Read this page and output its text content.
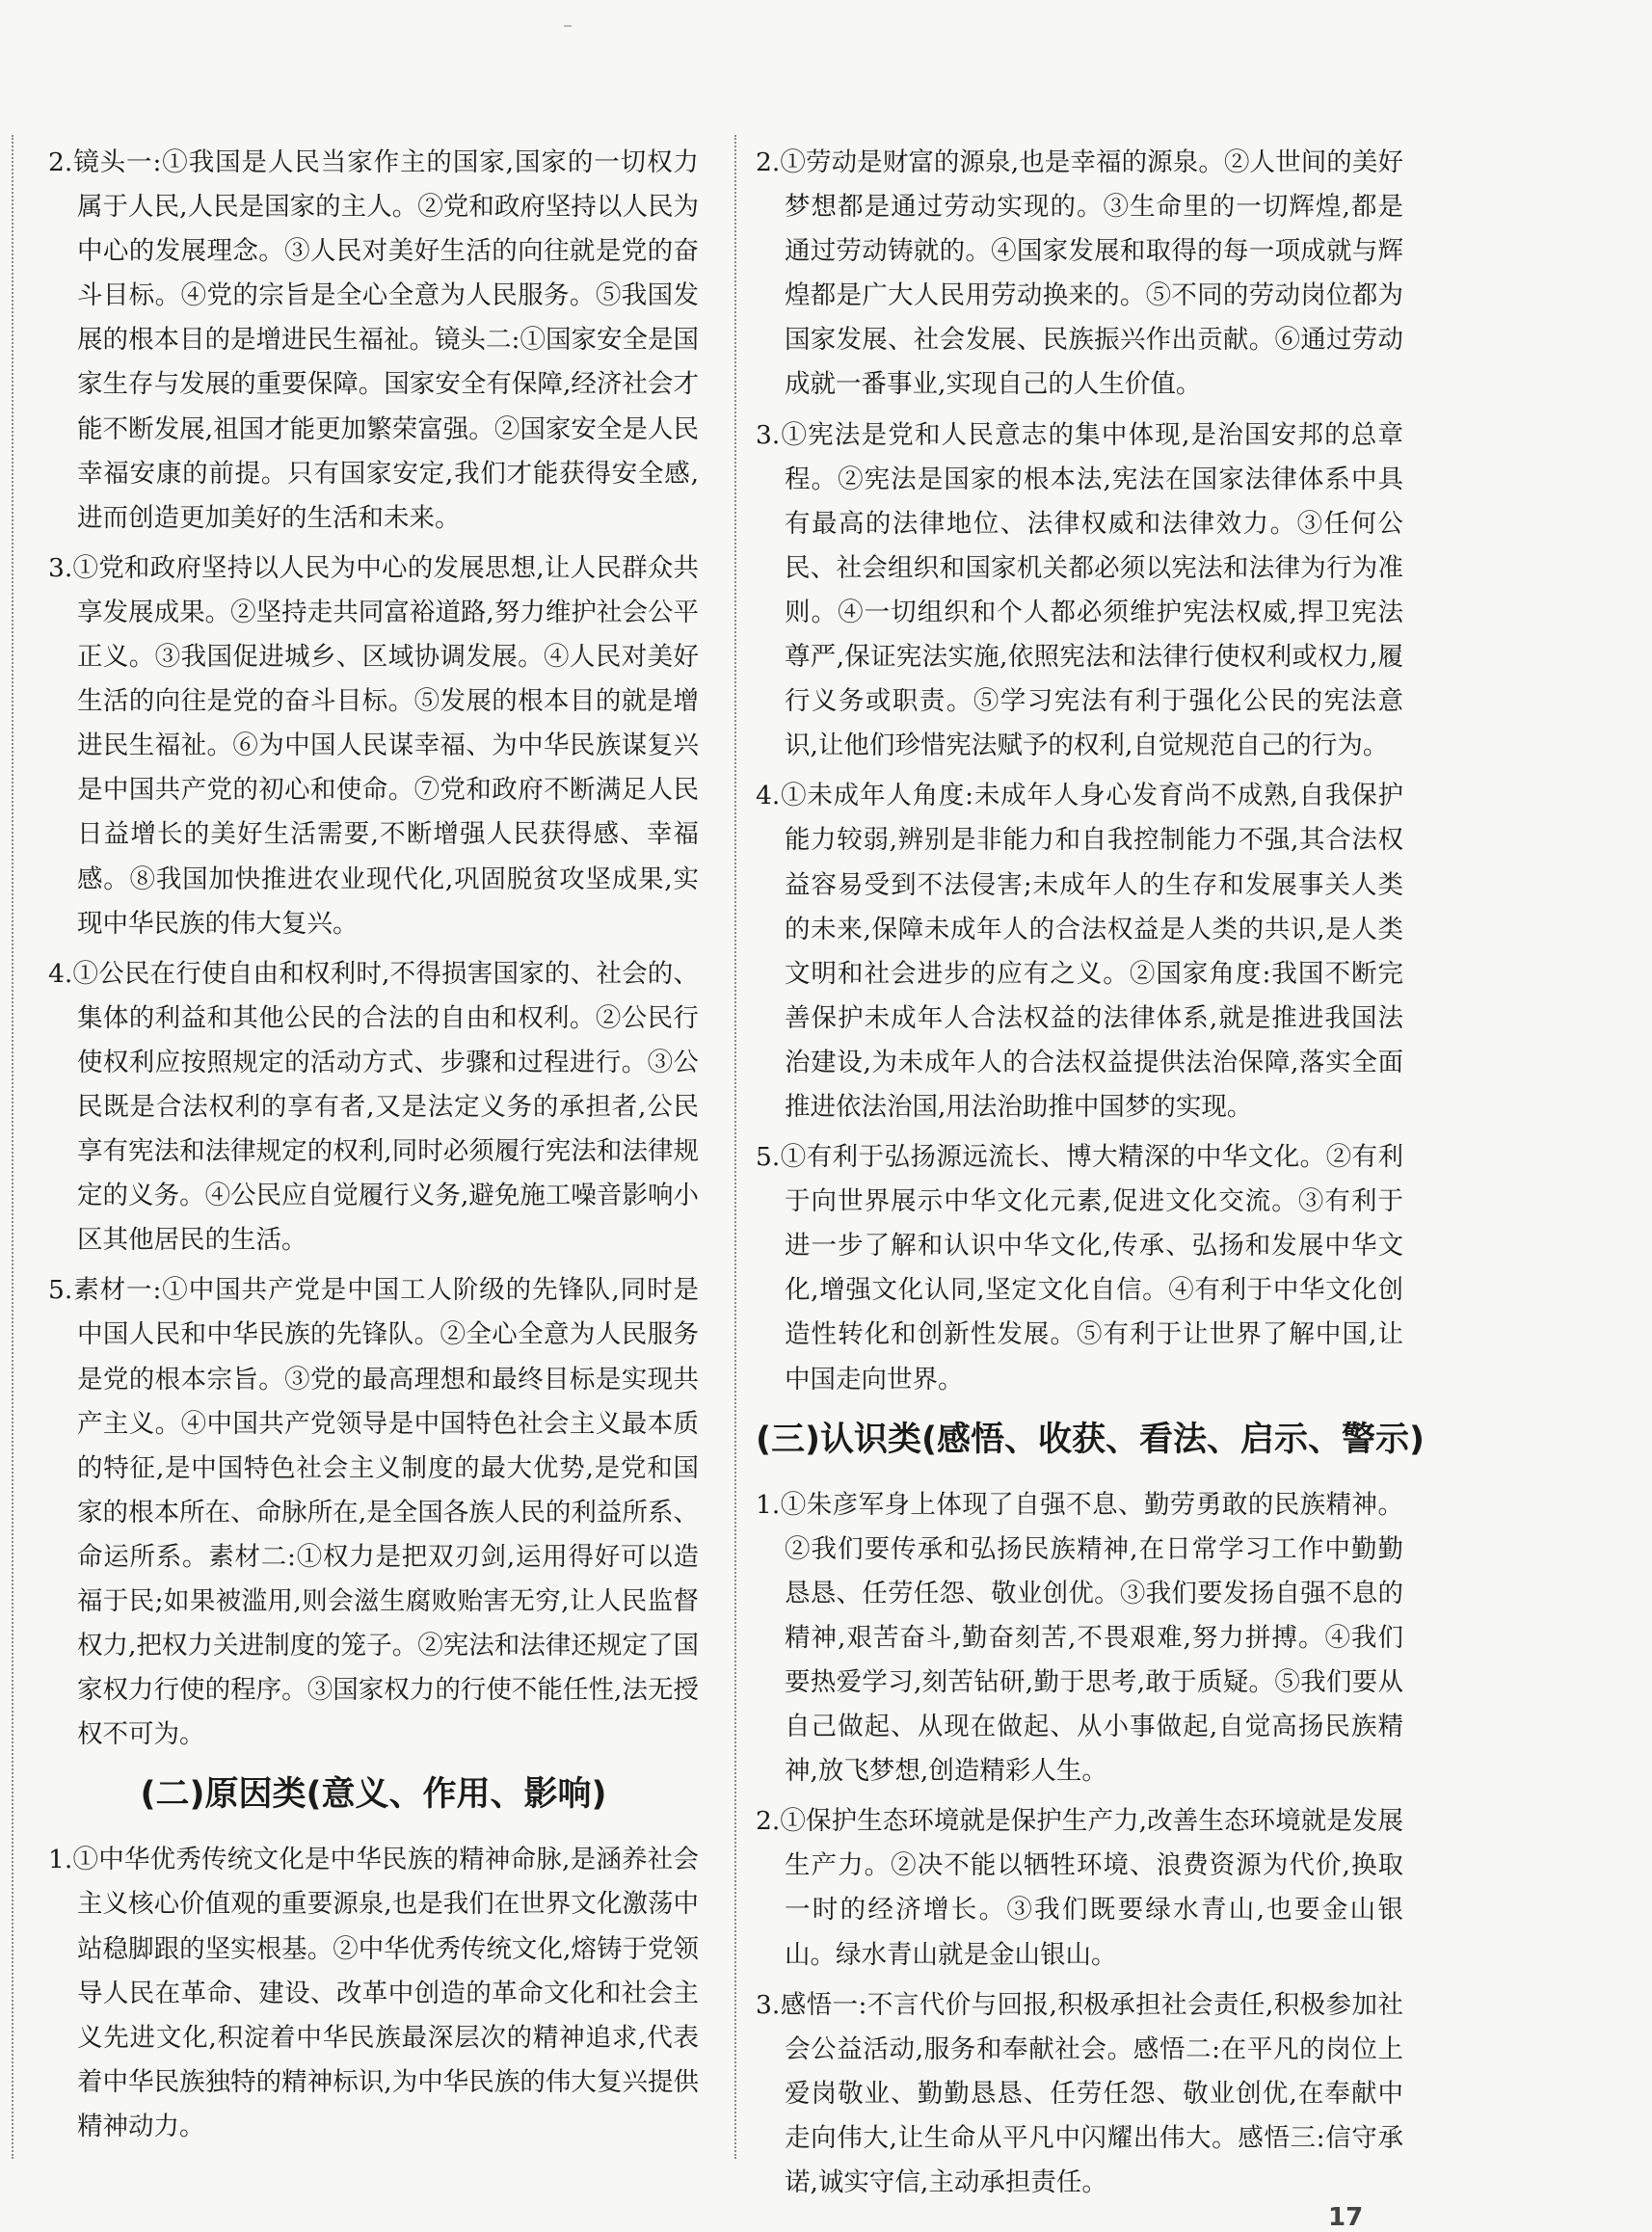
2.镜头一:①我国是人民当家作主的国家,国家的一切权力属于人民,人民是国家的主人。②党和政府坚持以人民为中心的发展理念。③人民对美好生活的向往就是党的奋斗目标。④党的宗旨是全心全意为人民服务。⑤我国发展的根本目的是增进民生福祉。镜头二:①国家安全是国家生存与发展的重要保障。国家安全有保障,经济社会才能不断发展,祖国才能更加繁荣富强。②国家安全是人民幸福安康的前提。只有国家安定,我们才能获得安全感,进而创造更加美好的生活和未来。

3.①党和政府坚持以人民为中心的发展思想,让人民群众共享发展成果。②坚持走共同富裕道路,努力维护社会公平正义。③我国促进城乡、区域协调发展。④人民对美好生活的向往是党的奋斗目标。⑤发展的根本目的就是增进民生福祉。⑥为中国人民谋幸福、为中华民族谋复兴是中国共产党的初心和使命。⑦党和政府不断满足人民日益增长的美好生活需要,不断增强人民获得感、幸福感。⑧我国加快推进农业现代化,巩固脱贫攻坚成果,实现中华民族的伟大复兴。

4.①公民在行使自由和权利时,不得损害国家的、社会的、集体的利益和其他公民的合法的自由和权利。②公民行使权利应按照规定的活动方式、步骤和过程进行。③公民既是合法权利的享有者,又是法定义务的承担者,公民享有宪法和法律规定的权利,同时必须履行宪法和法律规定的义务。④公民应自觉履行义务,避免施工噪音影响小区其他居民的生活。

5.素材一:①中国共产党是中国工人阶级的先锋队,同时是中国人民和中华民族的先锋队。②全心全意为人民服务是党的根本宗旨。③党的最高理想和最终目标是实现共产主义。④中国共产党领导是中国特色社会主义最本质的特征,是中国特色社会主义制度的最大优势,是党和国家的根本所在、命脉所在,是全国各族人民的利益所系、命运所系。素材二:①权力是把双刃剑,运用得好可以造福于民;如果被滥用,则会滋生腐败贻害无穷,让人民监督权力,把权力关进制度的笼子。②宪法和法律还规定了国家权力行使的程序。③国家权力的行使不能任性,法无授权不可为。

(二)原因类(意义、作用、影响)

1.①中华优秀传统文化是中华民族的精神命脉,是涵养社会主义核心价值观的重要源泉,也是我们在世界文化激荡中站稳脚跟的坚实根基。②中华优秀传统文化,熔铸于党领导人民在革命、建设、改革中创造的革命文化和社会主义先进文化,积淀着中华民族最深层次的精神追求,代表着中华民族独特的精神标识,为中华民族的伟大复兴提供精神动力。

2.①劳动是财富的源泉,也是幸福的源泉。②人世间的美好梦想都是通过劳动实现的。③生命里的一切辉煌,都是通过劳动铸就的。④国家发展和取得的每一项成就与辉煌都是广大人民用劳动换来的。⑤不同的劳动岗位都为国家发展、社会发展、民族振兴作出贡献。⑥通过劳动成就一番事业,实现自己的人生价值。

3.①宪法是党和人民意志的集中体现,是治国安邦的总章程。②宪法是国家的根本法,宪法在国家法律体系中具有最高的法律地位、法律权威和法律效力。③任何公民、社会组织和国家机关都必须以宪法和法律为行为准则。④一切组织和个人都必须维护宪法权威,捍卫宪法尊严,保证宪法实施,依照宪法和法律行使权利或权力,履行义务或职责。⑤学习宪法有利于强化公民的宪法意识,让他们珍惜宪法赋予的权利,自觉规范自己的行为。

4.①未成年人角度:未成年人身心发育尚不成熟,自我保护能力较弱,辨别是非能力和自我控制能力不强,其合法权益容易受到不法侵害;未成年人的生存和发展事关人类的未来,保障未成年人的合法权益是人类的共识,是人类文明和社会进步的应有之义。②国家角度:我国不断完善保护未成年人合法权益的法律体系,就是推进我国法治建设,为未成年人的合法权益提供法治保障,落实全面推进依法治国,用法治助推中国梦的实现。

5.①有利于弘扬源远流长、博大精深的中华文化。②有利于向世界展示中华文化元素,促进文化交流。③有利于进一步了解和认识中华文化,传承、弘扬和发展中华文化,增强文化认同,坚定文化自信。④有利于中华文化创造性转化和创新性发展。⑤有利于让世界了解中国,让中国走向世界。

(三)认识类(感悟、收获、看法、启示、警示)

1.①朱彦军身上体现了自强不息、勤劳勇敢的民族精神。②我们要传承和弘扬民族精神,在日常学习工作中勤勤恳恳、任劳任怨、敬业创优。③我们要发扬自强不息的精神,艰苦奋斗,勤奋刻苦,不畏艰难,努力拼搏。④我们要热爱学习,刻苦钻研,勤于思考,敢于质疑。⑤我们要从自己做起、从现在做起、从小事做起,自觉高扬民族精神,放飞梦想,创造精彩人生。

2.①保护生态环境就是保护生产力,改善生态环境就是发展生产力。②决不能以牺牲环境、浪费资源为代价,换取一时的经济增长。③我们既要绿水青山,也要金山银山。绿水青山就是金山银山。

3.感悟一:不言代价与回报,积极承担社会责任,积极参加社会公益活动,服务和奉献社会。感悟二:在平凡的岗位上爱岗敬业、勤勤恳恳、任劳任怨、敬业创优,在奉献中走向伟大,让生命从平凡中闪耀出伟大。感悟三:信守承诺,诚实守信,主动承担责任。

17
